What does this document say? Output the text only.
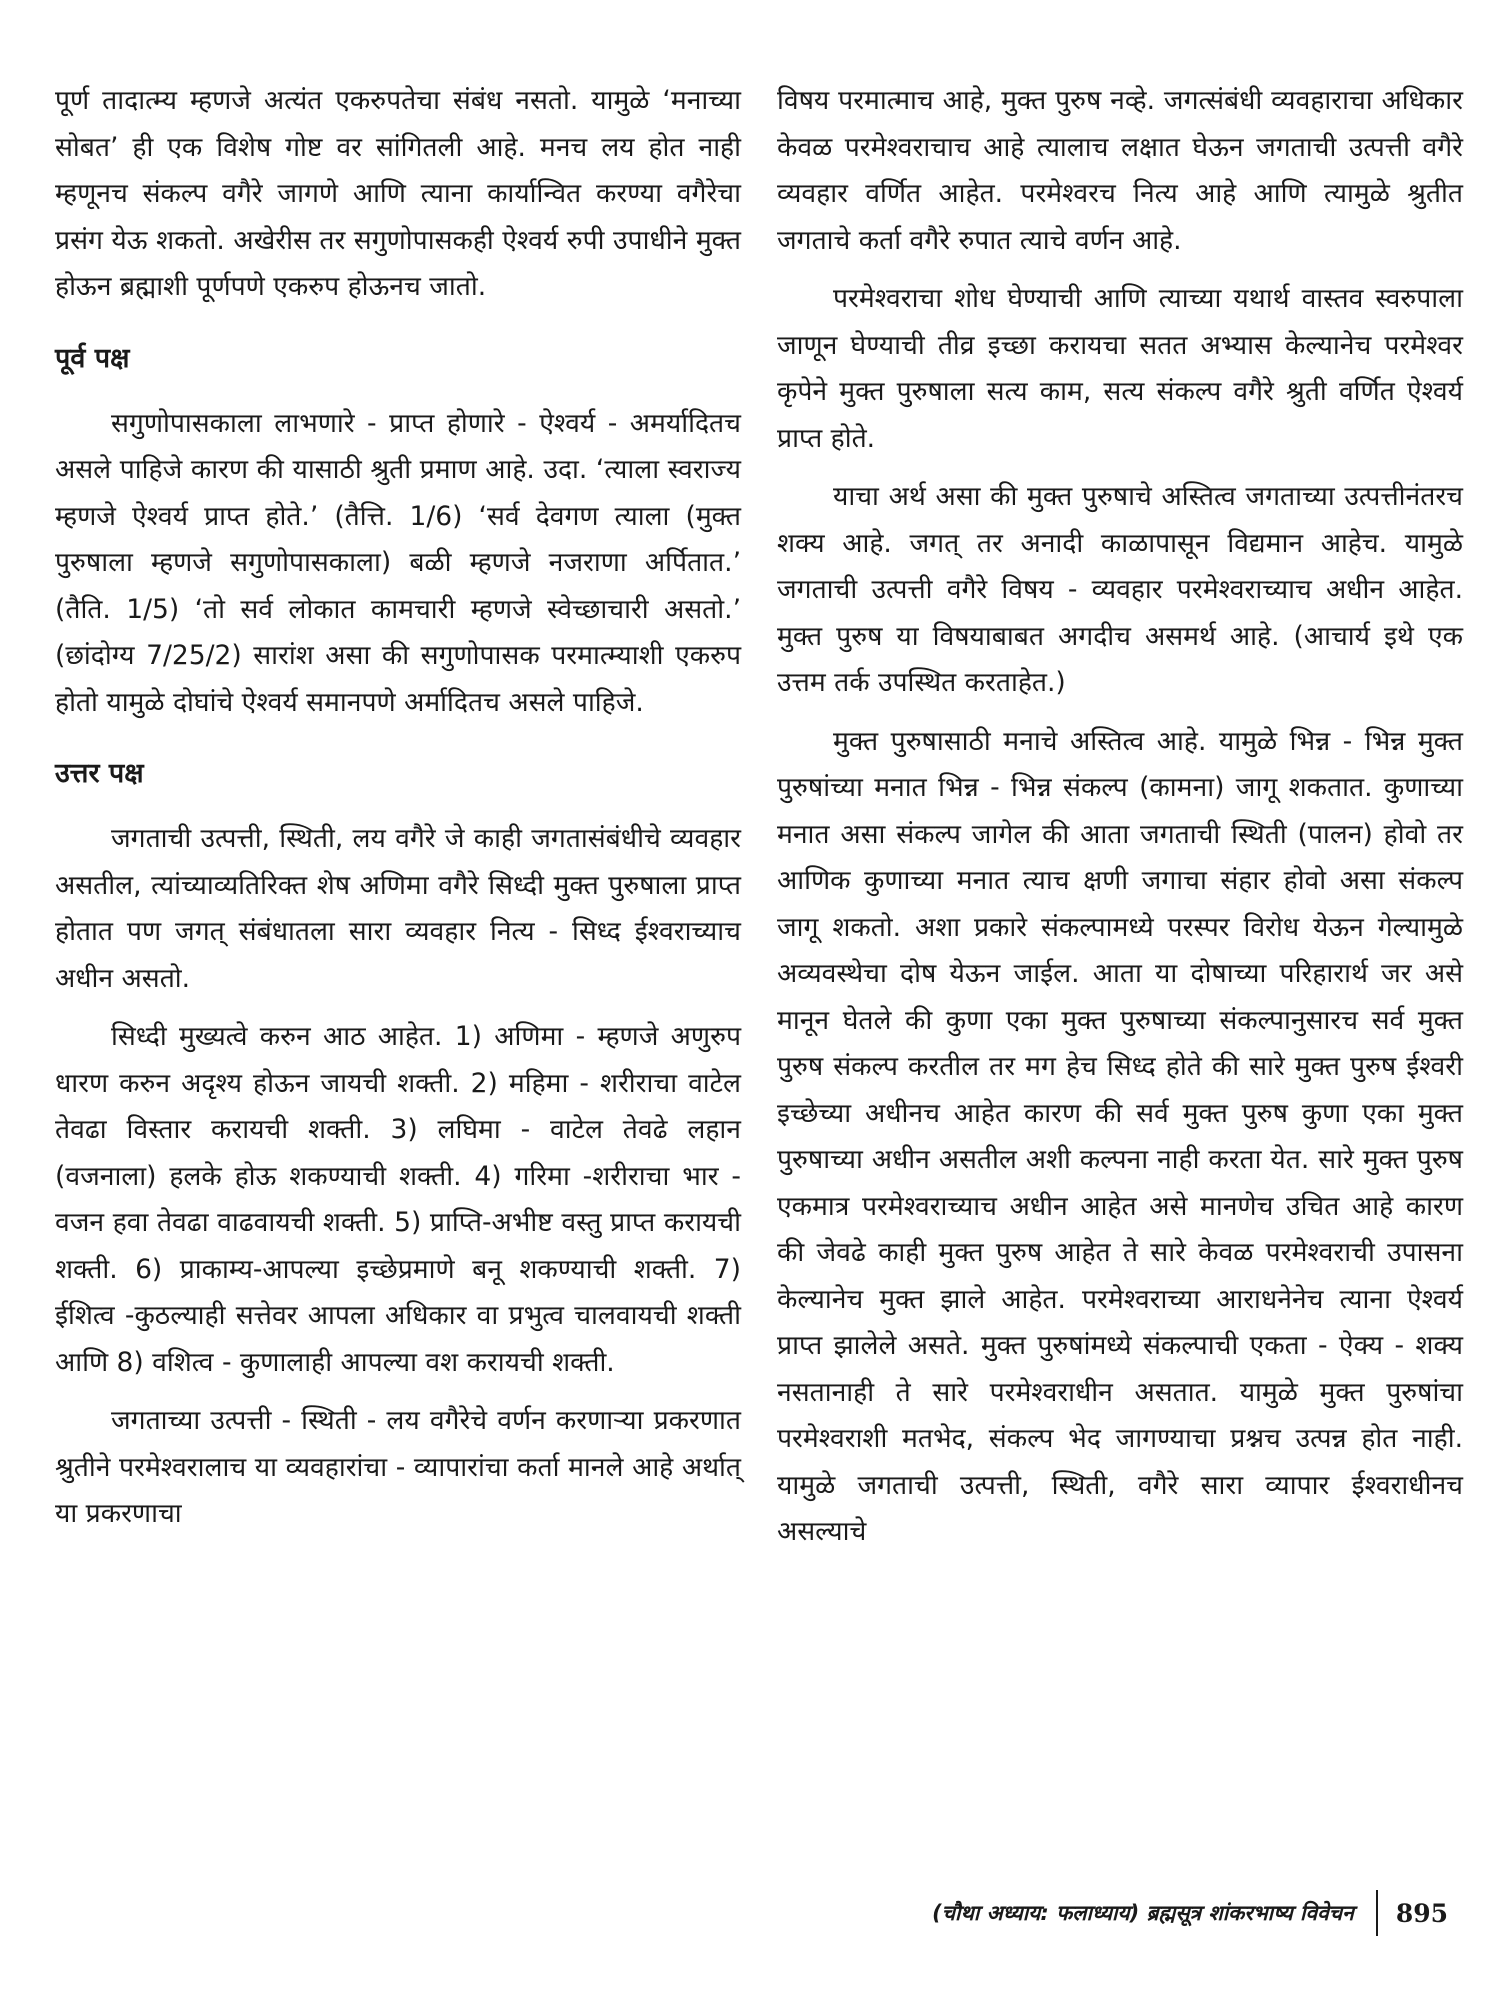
पूर्ण तादात्म्य म्हणजे अत्यंत एकरुपतेचा संबंध नसतो. यामुळे ‘मनाच्या सोबत’ ही एक विशेष गोष्ट वर सांगितली आहे. मनच लय होत नाही म्हणूनच संकल्प वगैरे जागणे आणि त्याना कार्यान्वित करण्या वगैरेचा प्रसंग येऊ शकतो. अखेरीस तर सगुणोपासकही ऐश्वर्य रुपी उपाधीने मुक्त होऊन ब्रह्माशी पूर्णपणे एकरुप होऊनच जातो.

पूर्व पक्ष

सगुणोपासकाला लाभणारे - प्राप्त होणारे - ऐश्वर्य - अमर्यादितच असले पाहिजे कारण की यासाठी श्रुती प्रमाण आहे. उदा. ‘त्याला स्वराज्य म्हणजे ऐश्वर्य प्राप्त होते.’ (तैत्ति. 1/6) ‘सर्व देवगण त्याला (मुक्त पुरुषाला म्हणजे सगुणोपासकाला) बळी म्हणजे नजराणा अर्पितात.’ (तैति. 1/5) ‘तो सर्व लोकात कामचारी म्हणजे स्वेच्छाचारी असतो.’ (छांदोग्य 7/25/2) सारांश असा की सगुणोपासक परमात्म्याशी एकरुप होतो यामुळे दोघांचे ऐश्वर्य समानपणे अर्मादितच असले पाहिजे.

उत्तर पक्ष

जगताची उत्पत्ती, स्थिती, लय वगैरे जे काही जगतासंबंधीचे व्यवहार असतील, त्यांच्याव्यतिरिक्त शेष अणिमा वगैरे सिध्दी मुक्त पुरुषाला प्राप्त होतात पण जगत् संबंधातला सारा व्यवहार नित्य - सिध्द ईश्वराच्याच अधीन असतो.

सिध्दी मुख्यत्वे करुन आठ आहेत. 1) अणिमा - म्हणजे अणुरुप धारण करुन अदृश्य होऊन जायची शक्ती. 2) महिमा - शरीराचा वाटेल तेवढा विस्तार करायची शक्ती. 3) लघिमा - वाटेल तेवढे लहान (वजनाला) हलके होऊ शकण्याची शक्ती. 4) गरिमा -शरीराचा भार - वजन हवा तेवढा वाढवायची शक्ती. 5) प्राप्ति-अभीष्ट वस्तु प्राप्त करायची शक्ती. 6) प्राकाम्य-आपल्या इच्छेप्रमाणे बनू शकण्याची शक्ती. 7) ईशित्व -कुठल्याही सत्तेवर आपला अधिकार वा प्रभुत्व चालवायची शक्ती आणि 8) वशित्व - कुणालाही आपल्या वश करायची शक्ती.

जगताच्या उत्पत्ती - स्थिती - लय वगैरेचे वर्णन करणाऱ्या प्रकरणात श्रुतीने परमेश्वरालाच या व्यवहारांचा - व्यापारांचा कर्ता मानले आहे अर्थात् या प्रकरणाचा

विषय परमात्माच आहे, मुक्त पुरुष नव्हे. जगत्संबंधी व्यवहाराचा अधिकार केवळ परमेश्वराचाच आहे त्यालाच लक्षात घेऊन जगताची उत्पत्ती वगैरे व्यवहार वर्णित आहेत. परमेश्वरच नित्य आहे आणि त्यामुळे श्रुतीत जगताचे कर्ता वगैरे रुपात त्याचे वर्णन आहे.

परमेश्वराचा शोध घेण्याची आणि त्याच्या यथार्थ वास्तव स्वरुपाला जाणून घेण्याची तीव्र इच्छा करायचा सतत अभ्यास केल्यानेच परमेश्वर कृपेने मुक्त पुरुषाला सत्य काम, सत्य संकल्प वगैरे श्रुती वर्णित ऐश्वर्य प्राप्त होते.

याचा अर्थ असा की मुक्त पुरुषाचे अस्तित्व जगताच्या उत्पत्तीनंतरच शक्य आहे. जगत् तर अनादी काळापासून विद्यमान आहेच. यामुळे जगताची उत्पत्ती वगैरे विषय - व्यवहार परमेश्वराच्याच अधीन आहेत. मुक्त पुरुष या विषयाबाबत अगदीच असमर्थ आहे. (आचार्य इथे एक उत्तम तर्क उपस्थित करताहेत.)

मुक्त पुरुषासाठी मनाचे अस्तित्व आहे. यामुळे भिन्न - भिन्न मुक्त पुरुषांच्या मनात भिन्न - भिन्न संकल्प (कामना) जागू शकतात. कुणाच्या मनात असा संकल्प जागेल की आता जगताची स्थिती (पालन) होवो तर आणिक कुणाच्या मनात त्याच क्षणी जगाचा संहार होवो असा संकल्प जागू शकतो. अशा प्रकारे संकल्पामध्ये परस्पर विरोध येऊन गेल्यामुळे अव्यवस्थेचा दोष येऊन जाईल. आता या दोषाच्या परिहारार्थ जर असे मानून घेतले की कुणा एका मुक्त पुरुषाच्या संकल्पानुसारच सर्व मुक्त पुरुष संकल्प करतील तर मग हेच सिध्द होते की सारे मुक्त पुरुष ईश्वरी इच्छेच्या अधीनच आहेत कारण की सर्व मुक्त पुरुष कुणा एका मुक्त पुरुषाच्या अधीन असतील अशी कल्पना नाही करता येत. सारे मुक्त पुरुष एकमात्र परमेश्वराच्याच अधीन आहेत असे मानणेच उचित आहे कारण की जेवढे काही मुक्त पुरुष आहेत ते सारे केवळ परमेश्वराची उपासना केल्यानेच मुक्त झाले आहेत. परमेश्वराच्या आराधनेनेच त्याना ऐश्वर्य प्राप्त झालेले असते. मुक्त पुरुषांमध्ये संकल्पाची एकता - ऐक्य - शक्य नसतानाही ते सारे परमेश्वराधीन असतात. यामुळे मुक्त पुरुषांचा परमेश्वराशी मतभेद, संकल्प भेद जागण्याचा प्रश्नच उत्पन्न होत नाही. यामुळे जगताची उत्पत्ती, स्थिती, वगैरे सारा व्यापार ईश्वराधीनच असल्याचे

(चौथा अध्याय: फलाध्याय) ब्रह्मसूत्र शांकरभाष्य विवेचन	895
